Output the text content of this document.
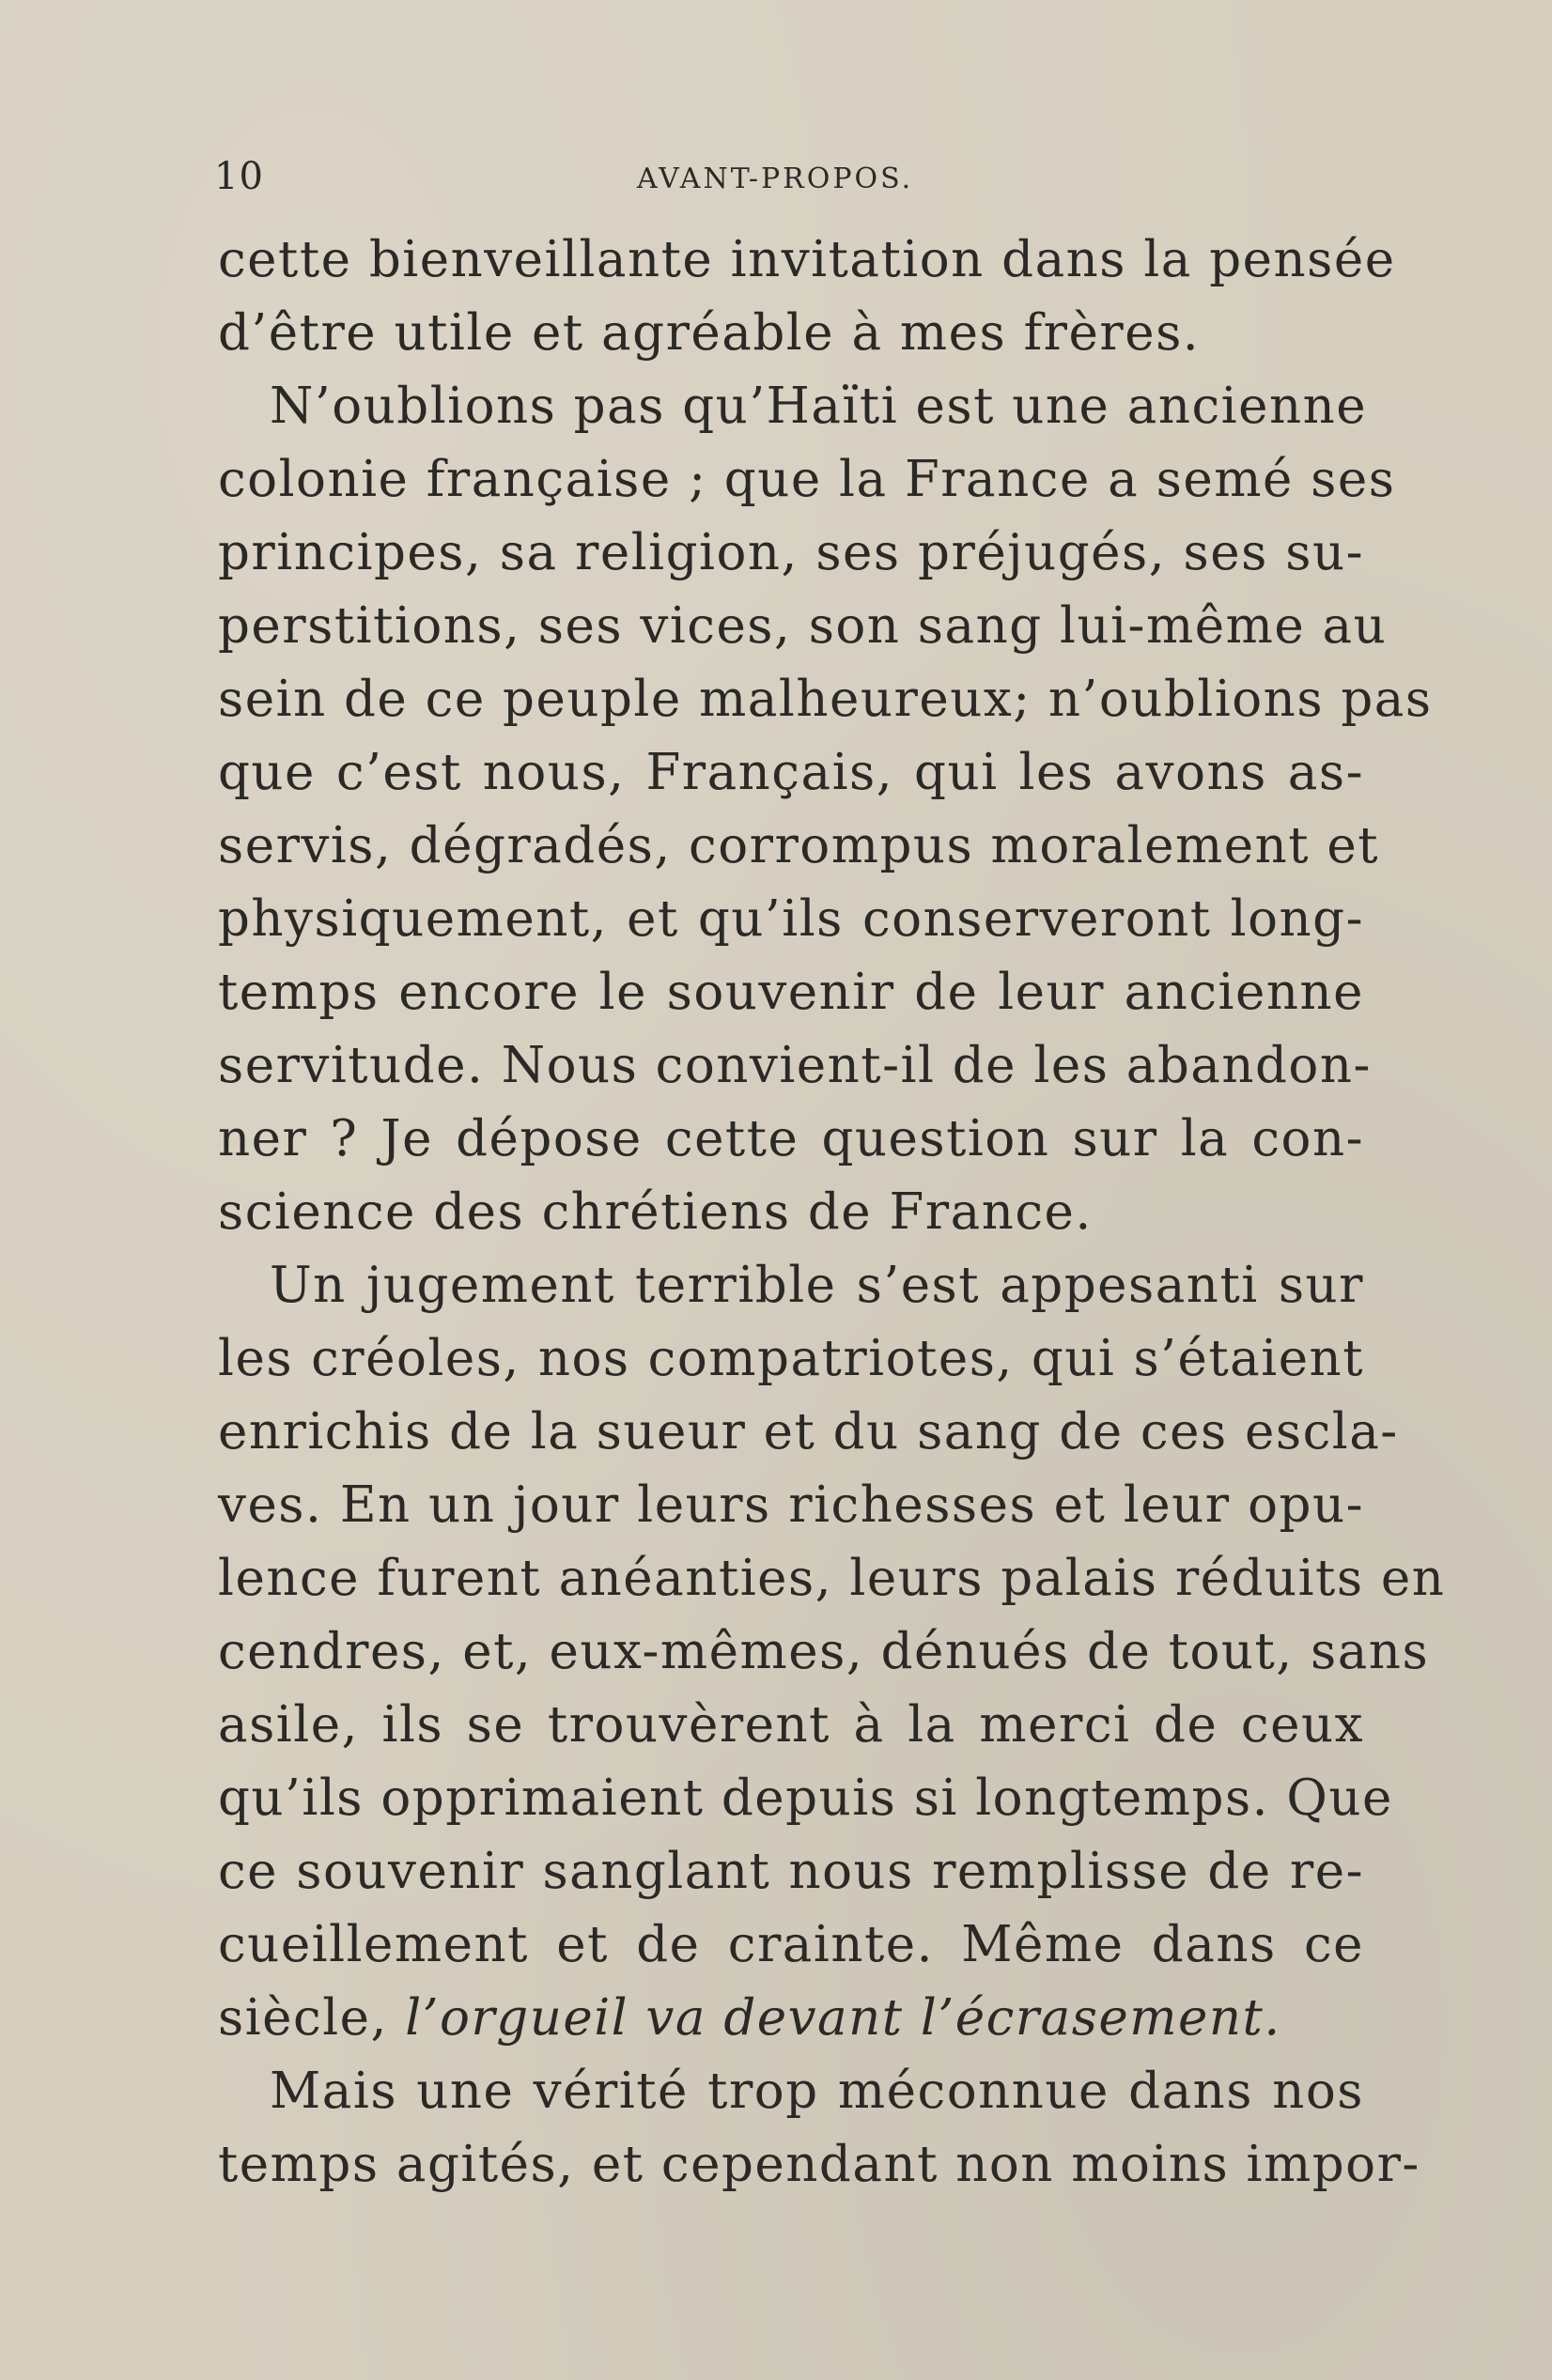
10	AVANT-PROPOS.
cette bienveillante invitation dans la pensée
d’être utile et agréable à mes frères.
N’oublions pas qu’Haïti est une ancienne
colonie française ; que la France a semé ses
principes, sa religion, ses préjugés, ses su-
perstitions, ses vices, son sang lui-même au
sein de ce peuple malheureux; n’oublions pas
que c’est nous, Français, qui les avons as-
servis, dégradés, corrompus moralement et
physiquement, et qu’ils conserveront long-
temps encore le souvenir de leur ancienne
servitude. Nous convient-il de les abandon-
ner ? Je dépose cette question sur la con-
science des chrétiens de France.
Un jugement terrible s’est appesanti sur
les créoles, nos compatriotes, qui s’étaient
enrichis de la sueur et du sang de ces escla-
ves. En un jour leurs richesses et leur opu-
lence furent anéanties, leurs palais réduits en
cendres, et, eux-mêmes, dénués de tout, sans
asile, ils se trouvèrent à la merci de ceux
qu’ils opprimaient depuis si longtemps. Que
ce souvenir sanglant nous remplisse de re-
cueillement et de crainte. Même dans ce
siècle, l’orgueil va devant l’écrasement.
Mais une vérité trop méconnue dans nos
temps agités, et cependant non moins impor-
